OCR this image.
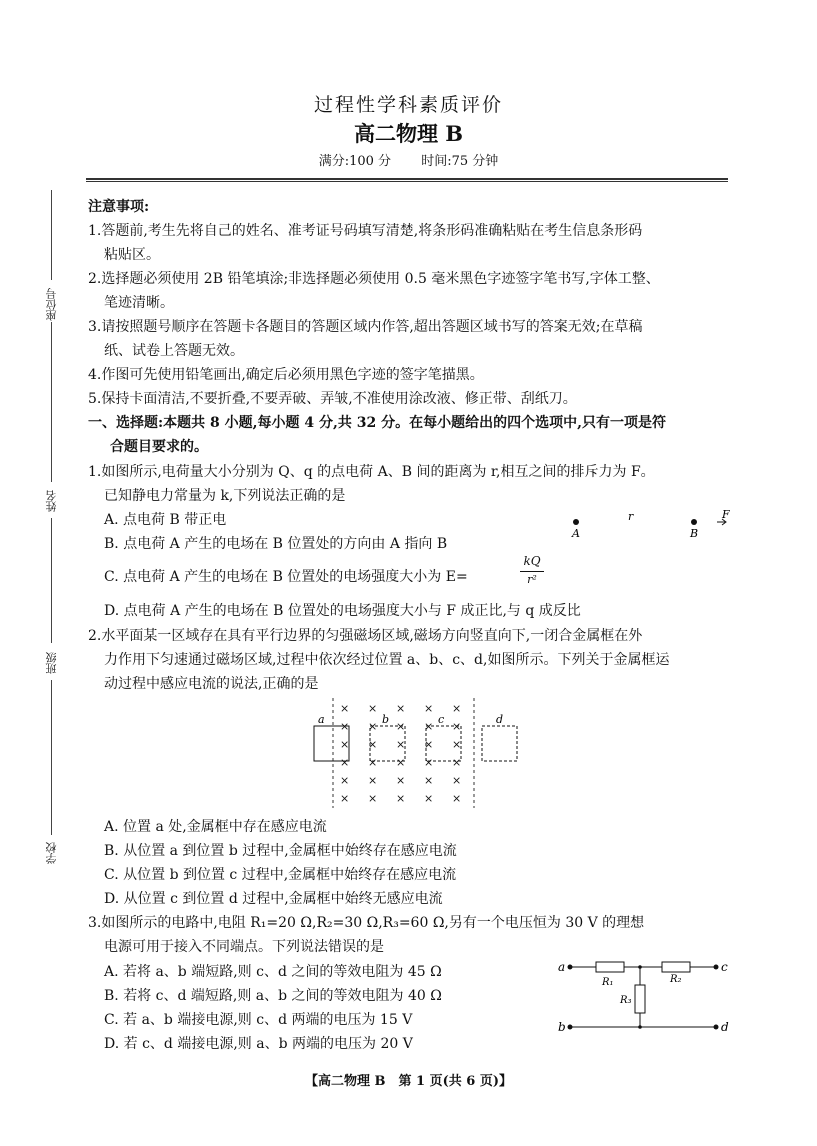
过程性学科素质评价
高二物理 B
满分:100 分 　　时间:75 分钟
座位号
姓名
班级
学校
注意事项:
1.答题前,考生先将自己的姓名、准考证号码填写清楚,将条形码准确粘贴在考生信息条形码
粘贴区。
2.选择题必须使用 2B 铅笔填涂;非选择题必须使用 0.5 毫米黑色字迹签字笔书写,字体工整、
笔迹清晰。
3.请按照题号顺序在答题卡各题目的答题区域内作答,超出答题区域书写的答案无效;在草稿
纸、试卷上答题无效。
4.作图可先使用铅笔画出,确定后必须用黑色字迹的签字笔描黑。
5.保持卡面清洁,不要折叠,不要弄破、弄皱,不准使用涂改液、修正带、刮纸刀。
一、选择题:本题共 8 小题,每小题 4 分,共 32 分。在每小题给出的四个选项中,只有一项是符
合题目要求的。
1.如图所示,电荷量大小分别为 Q、q 的点电荷 A、B 间的距离为 r,相互之间的排斥力为 F。
已知静电力常量为 k,下列说法正确的是
A. 点电荷 B 带正电
B. 点电荷 A 产生的电场在 B 位置处的方向由 A 指向 B
C. 点电荷 A 产生的电场在 B 位置处的电场强度大小为 E=
kQ
r²
D. 点电荷 A 产生的电场在 B 位置处的电场强度大小与 F 成正比,与 q 成反比
A
r
B
F
2.水平面某一区域存在具有平行边界的匀强磁场区域,磁场方向竖直向下,一闭合金属框在外
力作用下匀速通过磁场区域,过程中依次经过位置 a、b、c、d,如图所示。下列关于金属框运
动过程中感应电流的说法,正确的是
× × × × ×
× × × × ×
× × × × ×
× × × × ×
× × × × ×
× × × × ×
a	b	c	d
A. 位置 a 处,金属框中存在感应电流
B. 从位置 a 到位置 b 过程中,金属框中始终存在感应电流
C. 从位置 b 到位置 c 过程中,金属框中始终存在感应电流
D. 从位置 c 到位置 d 过程中,金属框中始终无感应电流
3.如图所示的电路中,电阻 R₁=20 Ω,R₂=30 Ω,R₃=60 Ω,另有一个电压恒为 30 V 的理想
电源可用于接入不同端点。下列说法错误的是
A. 若将 a、b 端短路,则 c、d 之间的等效电阻为 45 Ω
B. 若将 c、d 端短路,则 a、b 之间的等效电阻为 40 Ω
C. 若 a、b 端接电源,则 c、d 两端的电压为 15 V
D. 若 c、d 端接电源,则 a、b 两端的电压为 20 V
a	c
b	d
R₁	R₂
R₃
【高二物理 B　第 1 页(共 6 页)】
